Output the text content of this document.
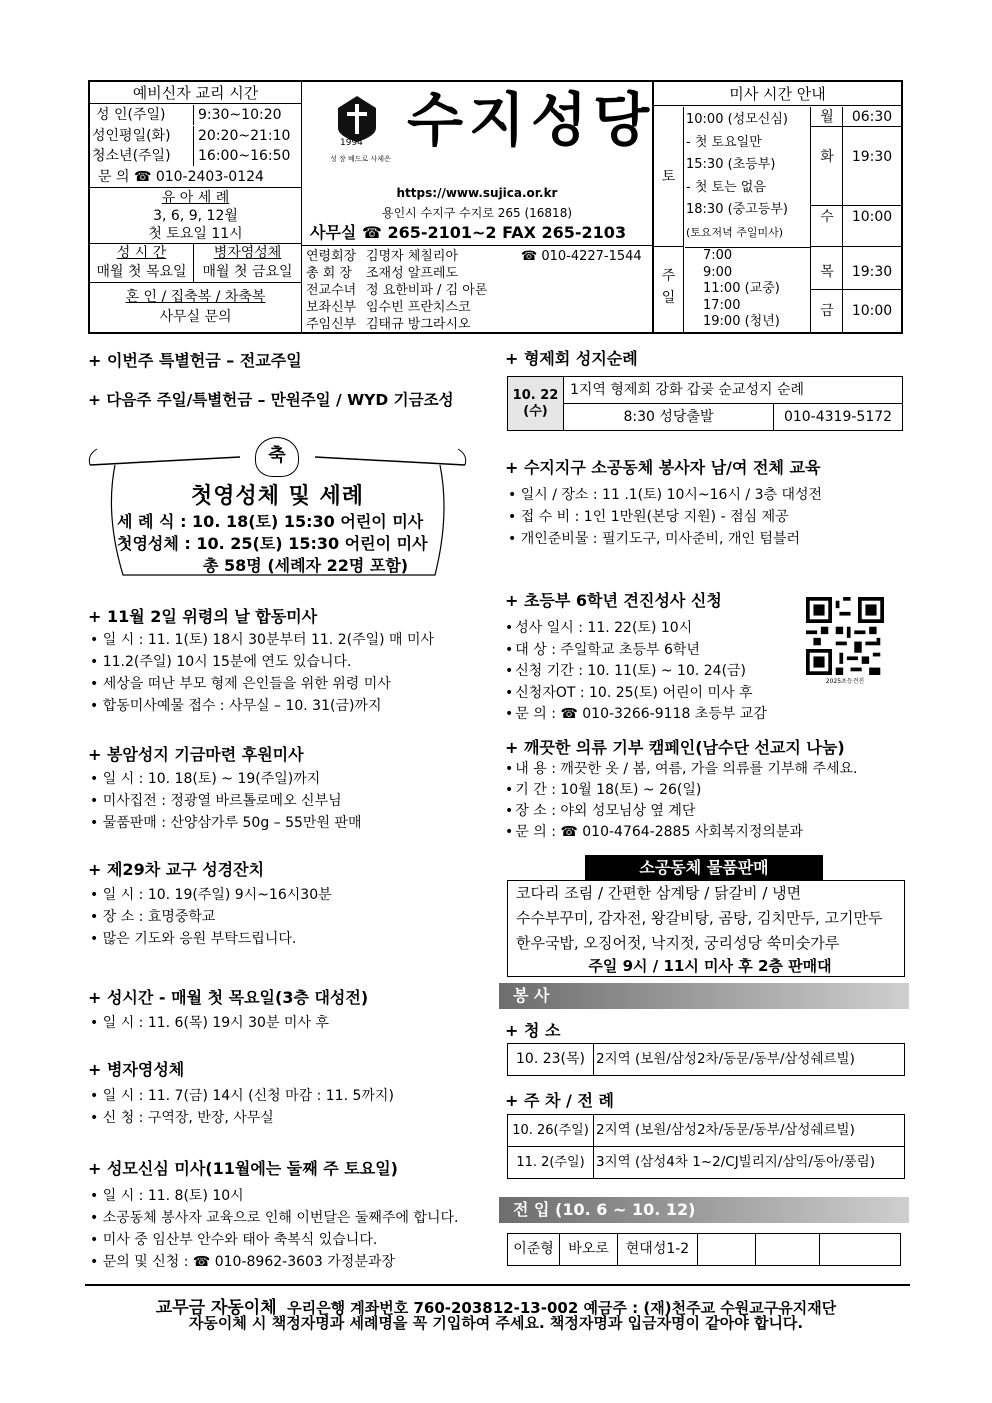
예비신자 교리 시간
성 인(주일) 9:30~10:20
성인평일(화) 20:20~21:10
청소년(주일) 16:00~16:50
문 의 ☎ 010-2403-0124
유 아 세 례
3, 6, 9, 12월
첫 토요일 11시
성 시 간
매월 첫 목요일
병자영성체
매월 첫 금요일
혼 인 / 집축복 / 차축복
사무실 문의
1994
성 장 베드로 사제은
수지성당
https://www.sujica.or.kr
용인시 수지구 수지로 265 (16818)
사무실 ☎ 265-2101~2 FAX 265-2103
연령회장 김명자 체칠리아	☎ 010-4227-1544
총 회 장 조재성 알프레도
전교수녀 정 요한비파 / 김 아론
보좌신부 임수빈 프란치스코
주임신부 김태규 방그라시오
미사 시간 안내
토
10:00 (성모신심)
- 첫 토요일만
15:30 (초등부)
- 첫 토는 없음
18:30 (중고등부)
(토요저녁 주일미사)
주일
7:00
9:00
11:00 (교중)
17:00
19:00 (청년)
월 06:30
화 19:30
수 10:00
목 19:30
금 10:00
+ 이번주 특별헌금 – 전교주일
+ 다음주 주일/특별헌금 – 만원주일 / WYD 기금조성
축
첫영성체 및 세례
세 례 식 : 10. 18(토) 15:30 어린이 미사
첫영성체 : 10. 25(토) 15:30 어린이 미사
총 58명 (세례자 22명 포함)
+ 11월 2일 위령의 날 합동미사
• 일 시 : 11. 1(토) 18시 30분부터 11. 2(주일) 매 미사
• 11.2(주일) 10시 15분에 연도 있습니다.
• 세상을 떠난 부모 형제 은인들을 위한 위령 미사
• 합동미사예물 접수 : 사무실 – 10. 31(금)까지
+ 봉암성지 기금마련 후원미사
• 일 시 : 10. 18(토) ~ 19(주일)까지
• 미사집전 : 정광열 바르톨로메오 신부님
• 물품판매 : 산양삼가루 50g – 55만원 판매
+ 제29차 교구 성경잔치
• 일 시 : 10. 19(주일) 9시~16시30분
• 장 소 : 효명중학교
• 많은 기도와 응원 부탁드립니다.
+ 성시간 - 매월 첫 목요일(3층 대성전)
• 일 시 : 11. 6(목) 19시 30분 미사 후
+ 병자영성체
• 일 시 : 11. 7(금) 14시 (신청 마감 : 11. 5까지)
• 신 청 : 구역장, 반장, 사무실
+ 성모신심 미사(11월에는 둘째 주 토요일)
• 일 시 : 11. 8(토) 10시
• 소공동체 봉사자 교육으로 인해 이번달은 둘째주에 합니다.
• 미사 중 임산부 안수와 태아 축복식 있습니다.
• 문의 및 신청 : ☎ 010-8962-3603 가정분과장
+ 형제회 성지순례
10. 22 (수)	1지역 형제회 강화 갑곶 순교성지 순례	
	8:30 성당출발	010-4319-5172
+ 수지지구 소공동체 봉사자 남/여 전체 교육
• 일시 / 장소 : 11 .1(토) 10시~16시 / 3층 대성전
• 접 수 비 : 1인 1만원(본당 지원) - 점심 제공
• 개인준비물 : 필기도구, 미사준비, 개인 텀블러
+ 초등부 6학년 견진성사 신청
• 성사 일시 : 11. 22(토) 10시
• 대 상 : 주일학교 초등부 6학년
• 신청 기간 : 10. 11(토) ~ 10. 24(금)
• 신청자OT : 10. 25(토) 어린이 미사 후
• 문 의 : ☎ 010-3266-9118 초등부 교감
2025초등견진
+ 깨끗한 의류 기부 캠페인(남수단 선교지 나눔)
• 내 용 : 깨끗한 옷 / 봄, 여름, 가을 의류를 기부해 주세요.
• 기 간 : 10월 18(토) ~ 26(일)
• 장 소 : 야외 성모님상 옆 계단
• 문 의 : ☎ 010-4764-2885 사회복지정의분과
소공동체 물품판매
코다리 조림 / 간편한 삼계탕 / 닭갈비 / 냉면
수수부꾸미, 감자전, 왕갈비탕, 곰탕, 김치만두, 고기만두
한우국밥, 오징어젓, 낙지젓, 궁리성당 쑥미숫가루
주일 9시 / 11시 미사 후 2층 판매대
봉 사
+ 청 소
10. 23(목)	2지역 (보원/삼성2차/동문/동부/삼성쉐르빌)
+ 주 차 / 전 례
10. 26(주일)	2지역 (보원/삼성2차/동문/동부/삼성쉐르빌)
11. 2(주일)	3지역 (삼성4차 1~2/CJ빌리지/삼익/동아/풍림)
전 입 (10. 6 ~ 10. 12)
이준형	바오로	현대성1-2			
교무금 자동이체 우리은행 계좌번호 760-203812-13-002 예금주 : (재)천주교 수원교구유지재단
자동이체 시 책정자명과 세례명을 꼭 기입하여 주세요. 책정자명과 입금자명이 같아야 합니다.
